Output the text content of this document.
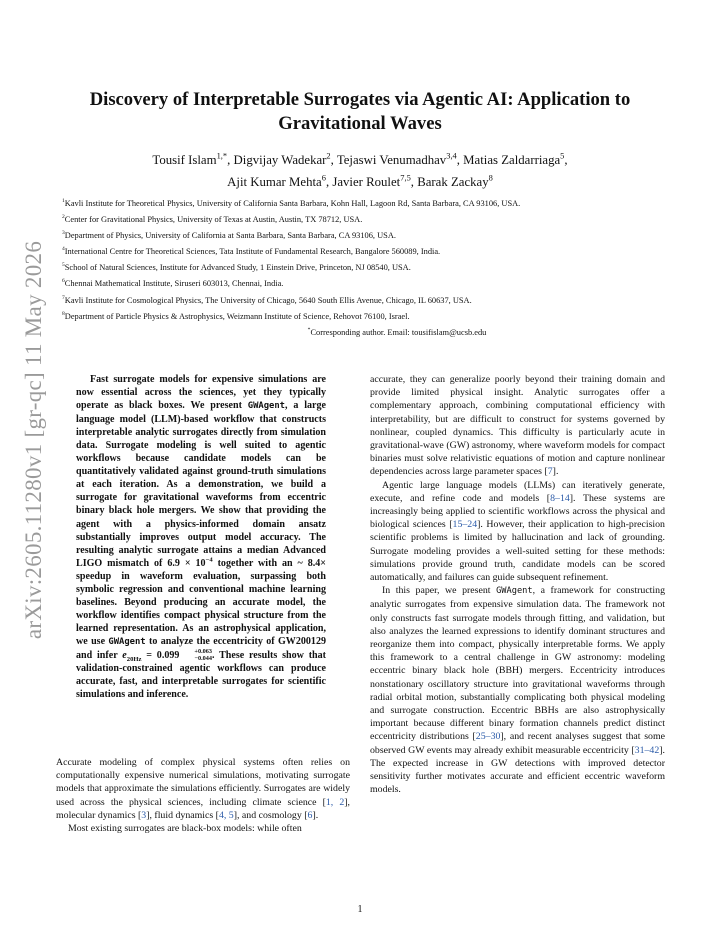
arXiv:2605.11280v1 [gr-qc] 11 May 2026
Discovery of Interpretable Surrogates via Agentic AI: Application to Gravitational Waves
Tousif Islam$^{1,*}$, Digvijay Wadekar$^2$, Tejaswi Venumadhav$^{3,4}$, Matias Zaldarriaga$^5$,
Ajit Kumar Mehta$^6$, Javier Roulet$^{7,5}$, Barak Zackay$^8$
$^1$Kavli Institute for Theoretical Physics, University of California Santa Barbara, Kohn Hall, Lagoon Rd, Santa Barbara, CA 93106, USA.
$^2$Center for Gravitational Physics, University of Texas at Austin, Austin, TX 78712, USA.
$^3$Department of Physics, University of California at Santa Barbara, Santa Barbara, CA 93106, USA.
$^4$International Centre for Theoretical Sciences, Tata Institute of Fundamental Research, Bangalore 560089, India.
$^5$School of Natural Sciences, Institute for Advanced Study, 1 Einstein Drive, Princeton, NJ 08540, USA.
$^6$Chennai Mathematical Institute, Siruseri 603013, Chennai, India.
$^7$Kavli Institute for Cosmological Physics, The University of Chicago, 5640 South Ellis Avenue, Chicago, IL 60637, USA.
$^8$Department of Particle Physics & Astrophysics, Weizmann Institute of Science, Rehovot 76100, Israel.
*Corresponding author. Email: tousifislam@ucsb.edu
Fast surrogate models for expensive simulations are now essential across the sciences, yet they typically operate as black boxes. We present GWAgent, a large language model (LLM)-based workflow that constructs interpretable analytic surrogates directly from simulation data. Surrogate modeling is well suited to agentic workflows because candidate models can be quantitatively validated against ground-truth simulations at each iteration. As a demonstration, we build a surrogate for gravitational waveforms from eccentric binary black hole mergers. We show that providing the agent with a physics-informed domain ansatz substantially improves output model accuracy. The resulting analytic surrogate attains a median Advanced LIGO mismatch of $6.9 \times 10^{-4}$ together with an ~ 8.4× speedup in waveform evaluation, surpassing both symbolic regression and conventional machine learning baselines. Beyond producing an accurate model, the workflow identifies compact physical structure from the learned representation. As an astrophysical application, we use GWAgent to analyze the eccentricity of GW200129 and infer $e_{20Hz} = 0.099$	+0.063
−0.044 . These results show that validation-constrained agentic workflows can produce accurate, fast, and interpretable surrogates for scientific simulations and inference.

Accurate modeling of complex physical systems often relies on computationally expensive numerical simulations, motivating surrogate models that approximate the simulations efficiently. Surrogates are widely used across the physical sciences, including climate science [1, 2], molecular dynamics [3], fluid dynamics [4, 5], and cosmology [6].

Most existing surrogates are black-box models: while often

accurate, they can generalize poorly beyond their training domain and provide limited physical insight. Analytic surrogates offer a complementary approach, combining computational efficiency with interpretability, but are difficult to construct for systems governed by nonlinear, coupled dynamics. This difficulty is particularly acute in gravitational-wave (GW) astronomy, where waveform models for compact binaries must solve relativistic equations of motion and capture nonlinear dependencies across large parameter spaces [7].

Agentic large language models (LLMs) can iteratively generate, execute, and refine code and models [8–14]. These systems are increasingly being applied to scientific workflows across the physical and biological sciences [15–24]. However, their application to high-precision scientific problems is limited by hallucination and lack of grounding. Surrogate modeling provides a well-suited setting for these methods: simulations provide ground truth, candidate models can be scored automatically, and failures can guide subsequent refinement.

In this paper, we present GWAgent, a framework for constructing analytic surrogates from expensive simulation data. The framework not only constructs fast surrogate models through fitting, and validation, but also analyzes the learned expressions to identify dominant structures and reorganize them into compact, physically interpretable forms. We apply this framework to a central challenge in GW astronomy: modeling eccentric binary black hole (BBH) mergers. Eccentricity introduces nonstationary oscillatory structure into gravitational waveforms through radial orbital motion, substantially complicating both physical modeling and surrogate construction. Eccentric BBHs are also astrophysically important because different binary formation channels predict distinct eccentricity distributions [25–30], and recent analyses suggest that some observed GW events may already exhibit measurable eccentricity [31–42]. The expected increase in GW detections with improved detector sensitivity further motivates accurate and efficient eccentric waveform models.

1
